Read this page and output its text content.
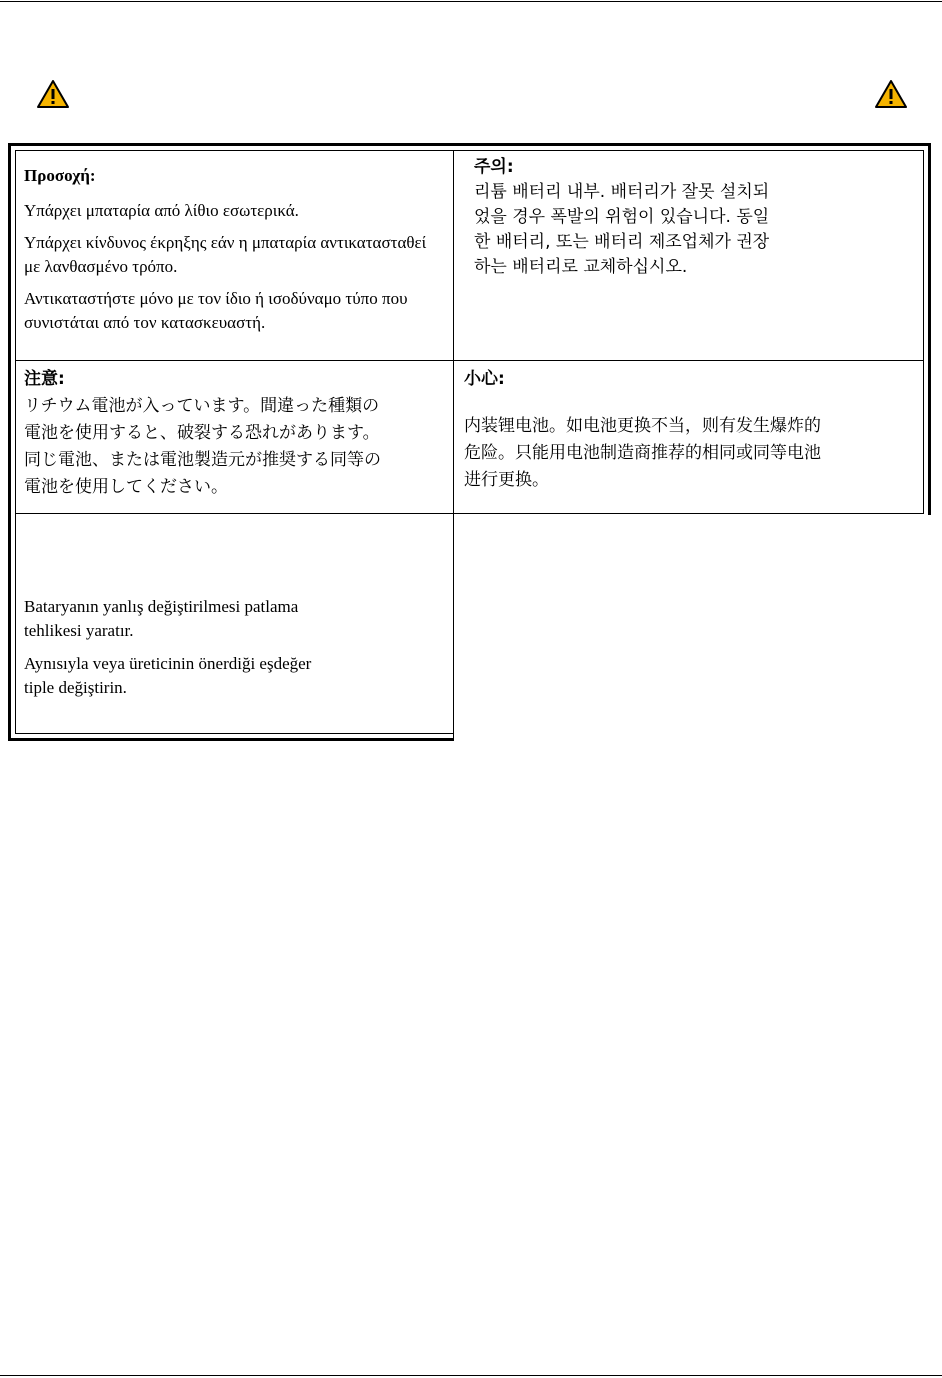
Προσοχή:

Υπάρχει μπαταρία από λίθιο εσωτερικά.

Υπάρχει κίνδυνος έκρηξης εάν η μπαταρία αντικατασταθεί με λανθασμένο τρόπο.

Αντικαταστήστε μόνο με τον ίδιο ή ισοδύναμο τύπο που συνιστάται από τον κατασκευαστή.

주의:

리튬 배터리 내부. 배터리가 잘못 설치되었을 경우 폭발의 위험이 있습니다. 동일한 배터리, 또는 배터리 제조업체가 권장하는 배터리로 교체하십시오.

注意:

リチウム電池が入っています。間違った種類の電池を使用すると、破裂する恐れがあります。同じ電池、または電池製造元が推奨する同等の電池を使用してください。

小心:

内装锂电池。如电池更换不当，则有发生爆炸的危险。只能用电池制造商推荐的相同或同等电池进行更换。

Bataryanın yanlış değiştirilmesi patlama tehlikesi yaratır.

Aynısıyla veya üreticinin önerdiği eşdeğer tiple değiştirin.
